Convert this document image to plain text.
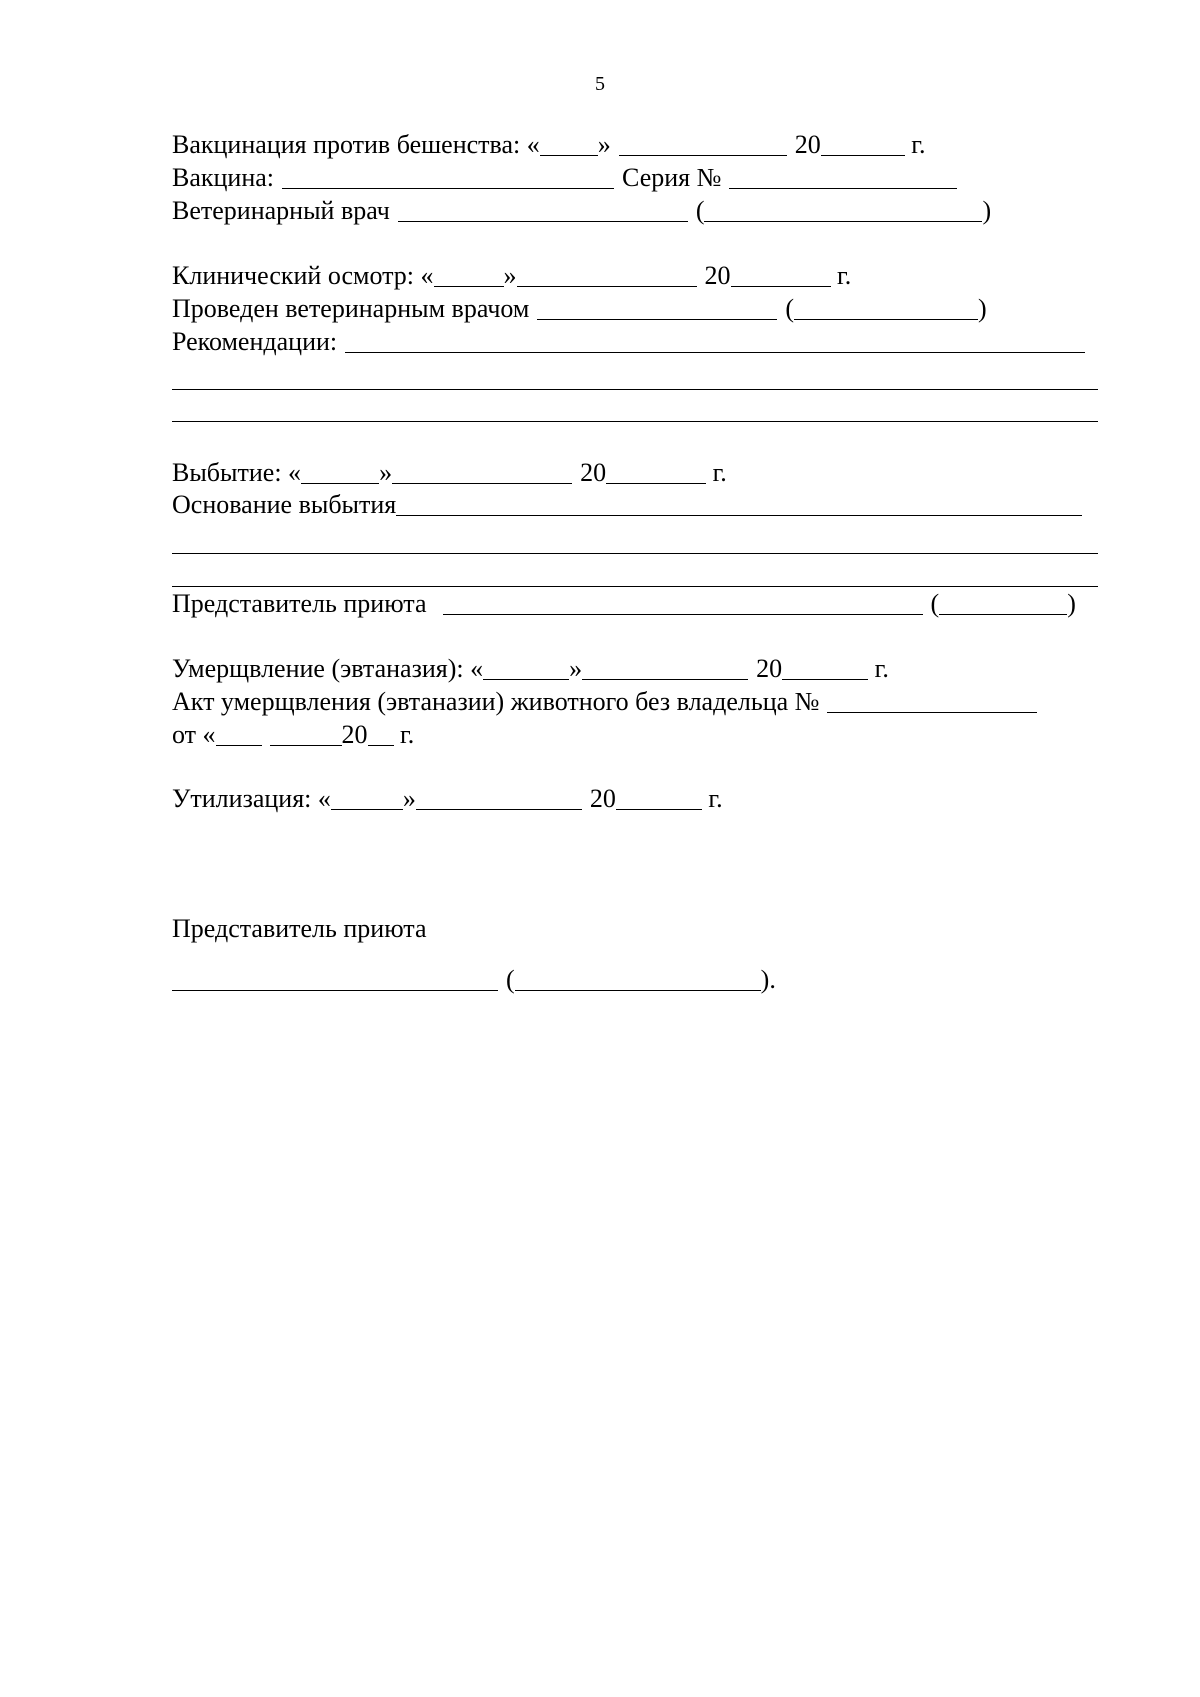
5
Вакцинация против бешенства: « »	20	г.
Вакцина:	Серия №
Ветеринарный врач	(	)
Клинический осмотр: «	»	20	г.
Проведен ветеринарным врачом	(	)
Рекомендации:
Выбытие: «	»	20	г.
Основание выбытия
Представитель приюта	(	)
Умерщвление (эвтаназия): «	»	20	г.
Акт умерщвления (эвтаназии) животного без владельца №
от «	20 г.
Утилизация: «	»	20	г.
Представитель приюта
(	).
